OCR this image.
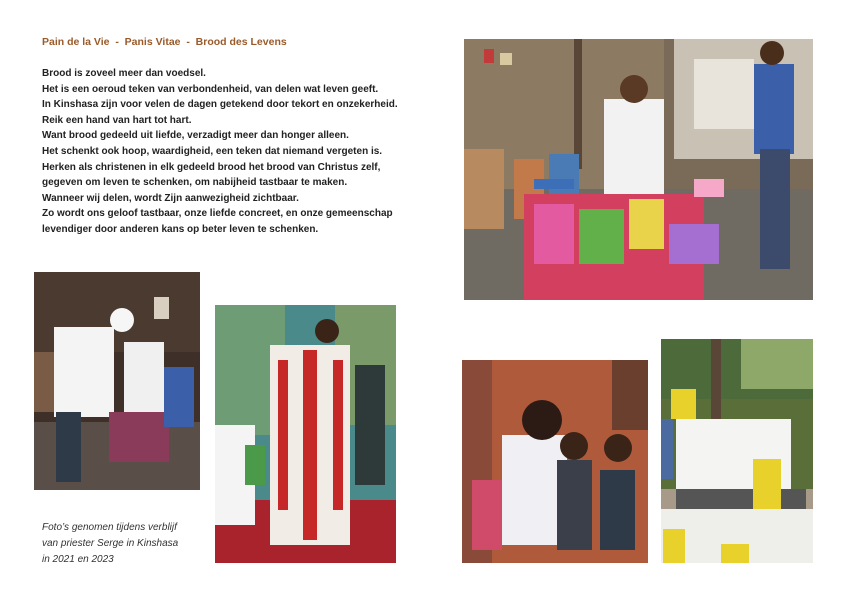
Pain de la Vie  -  Panis Vitae  -  Brood des Levens
Brood is zoveel meer dan voedsel.
Het is een oeroud teken van verbondenheid, van delen wat leven geeft.
In Kinshasa zijn voor velen de dagen getekend door tekort en onzekerheid.
Reik een hand van hart tot hart.
Want brood gedeeld uit liefde, verzadigt meer dan honger alleen.
Het schenkt ook hoop, waardigheid, een teken dat niemand vergeten is.
Herken als christenen in elk gedeeld brood het brood van Christus zelf,
gegeven om leven te schenken, om nabijheid tastbaar te maken.
Wanneer wij delen, wordt Zijn aanwezigheid zichtbaar.
Zo wordt ons geloof tastbaar, onze liefde concreet, en onze gemeenschap
levendiger door anderen kans op beter leven te schenken.
Foto’s genomen tijdens verblijf
van priester Serge in Kinshasa
in 2021 en 2023
